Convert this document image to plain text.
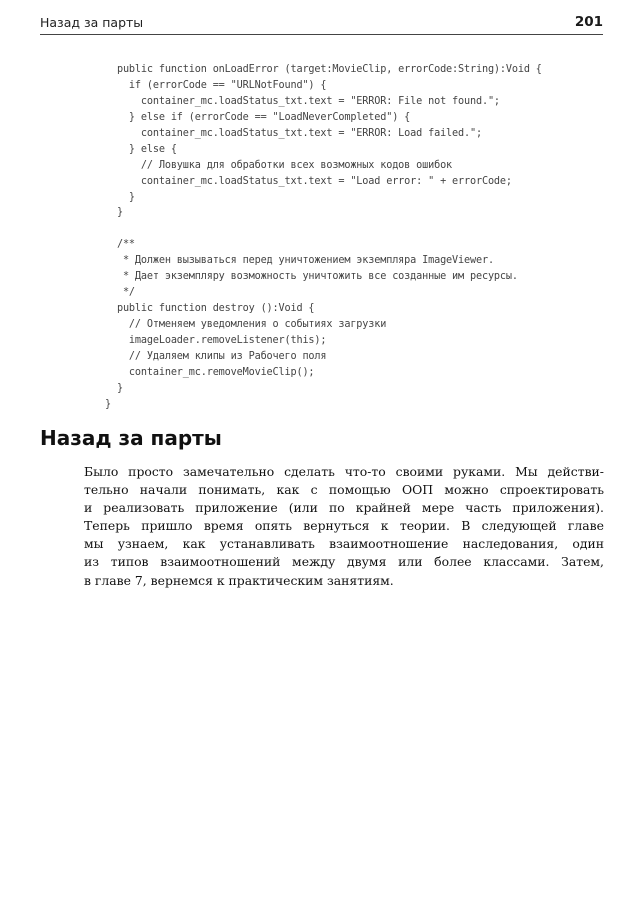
Назад за парты	201
public function onLoadError (target:MovieClip, errorCode:String):Void {
if (errorCode == "URLNotFound") {
container_mc.loadStatus_txt.text = "ERROR: File not found.";
} else if (errorCode == "LoadNeverCompleted") {
container_mc.loadStatus_txt.text = "ERROR: Load failed.";
} else {
// Ловушка для обработки всех возможных кодов ошибок
container_mc.loadStatus_txt.text = "Load error: " + errorCode;
}
}
/**
* Должен вызываться перед уничтожением экземпляра ImageViewer.
* Дает экземпляру возможность уничтожить все созданные им ресурсы.
*/
public function destroy ():Void {
// Отменяем уведомления о событиях загрузки
imageLoader.removeListener(this);
// Удаляем клипы из Рабочего поля
container_mc.removeMovieClip();
}
}
Назад за парты
Было просто замечательно сделать что-то своими руками. Мы действи-
тельно начали понимать, как с помощью ООП можно спроектировать
и реализовать приложение (или по крайней мере часть приложения).
Теперь пришло время опять вернуться к теории. В следующей главе
мы узнаем, как устанавливать взаимоотношение наследования, один
из типов взаимоотношений между двумя или более классами. Затем,
в главе 7, вернемся к практическим занятиям.
